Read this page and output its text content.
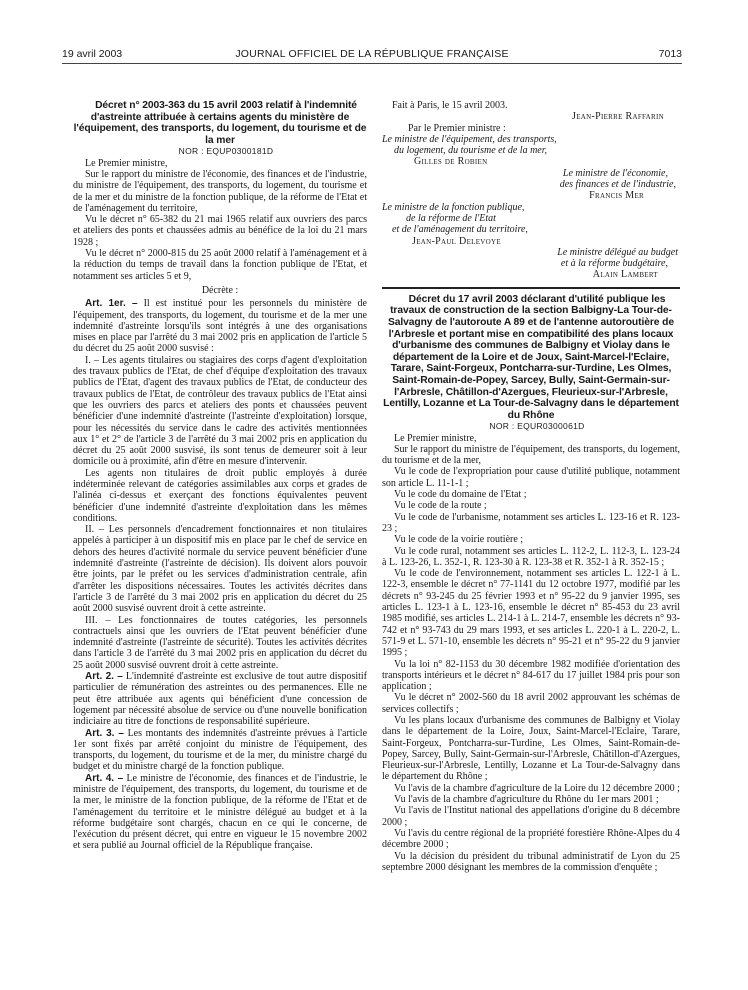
19 avril 2003	JOURNAL OFFICIEL DE LA RÉPUBLIQUE FRANÇAISE	7013

Décret n° 2003-363 du 15 avril 2003 relatif à l'indemnité d'astreinte attribuée à certains agents du ministère de l'équipement, des transports, du logement, du tourisme et de la mer

NOR : EQUP0300181D

Le Premier ministre,

Sur le rapport du ministre de l'économie, des finances et de l'industrie, du ministre de l'équipement, des transports, du logement, du tourisme et de la mer et du ministre de la fonction publique, de la réforme de l'Etat et de l'aménagement du territoire,

Vu le décret n° 65-382 du 21 mai 1965 relatif aux ouvriers des parcs et ateliers des ponts et chaussées admis au bénéfice de la loi du 21 mars 1928 ;

Vu le décret n° 2000-815 du 25 août 2000 relatif à l'aménagement et à la réduction du temps de travail dans la fonction publique de l'Etat, et notamment ses articles 5 et 9,

Décrète :

Art. 1er. – Il est institué pour les personnels du ministère de l'équipement, des transports, du logement, du tourisme et de la mer une indemnité d'astreinte lorsqu'ils sont intégrés à une des organisations mises en place par l'arrêté du 3 mai 2002 pris en application de l'article 5 du décret du 25 août 2000 susvisé :

I. – Les agents titulaires ou stagiaires des corps d'agent d'exploitation des travaux publics de l'Etat, de chef d'équipe d'exploitation des travaux publics de l'Etat, d'agent des travaux publics de l'Etat, de conducteur des travaux publics de l'Etat, de contrôleur des travaux publics de l'Etat ainsi que les ouvriers des parcs et ateliers des ponts et chaussées peuvent bénéficier d'une indemnité d'astreinte (l'astreinte d'exploitation) lorsque, pour les nécessités du service dans le cadre des activités mentionnées aux 1° et 2° de l'article 3 de l'arrêté du 3 mai 2002 pris en application du décret du 25 août 2000 susvisé, ils sont tenus de demeurer soit à leur domicile ou à proximité, afin d'être en mesure d'intervenir.

Les agents non titulaires de droit public employés à durée indéterminée relevant de catégories assimilables aux corps et grades de l'alinéa ci-dessus et exerçant des fonctions équivalentes peuvent bénéficier d'une indemnité d'astreinte d'exploitation dans les mêmes conditions.

II. – Les personnels d'encadrement fonctionnaires et non titulaires appelés à participer à un dispositif mis en place par le chef de service en dehors des heures d'activité normale du service peuvent bénéficier d'une indemnité d'astreinte (l'astreinte de décision). Ils doivent alors pouvoir être joints, par le préfet ou les services d'administration centrale, afin d'arrêter les dispositions nécessaires. Toutes les activités décrites dans l'article 3 de l'arrêté du 3 mai 2002 pris en application du décret du 25 août 2000 susvisé ouvrent droit à cette astreinte.

III. – Les fonctionnaires de toutes catégories, les personnels contractuels ainsi que les ouvriers de l'Etat peuvent bénéficier d'une indemnité d'astreinte (l'astreinte de sécurité). Toutes les activités décrites dans l'article 3 de l'arrêté du 3 mai 2002 pris en application du décret du 25 août 2000 susvisé ouvrent droit à cette astreinte.

Art. 2. – L'indemnité d'astreinte est exclusive de tout autre dispositif particulier de rémunération des astreintes ou des permanences. Elle ne peut être attribuée aux agents qui bénéficient d'une concession de logement par nécessité absolue de service ou d'une nouvelle bonification indiciaire au titre de fonctions de responsabilité supérieure.

Art. 3. – Les montants des indemnités d'astreinte prévues à l'article 1er sont fixés par arrêté conjoint du ministre de l'équipement, des transports, du logement, du tourisme et de la mer, du ministre chargé du budget et du ministre chargé de la fonction publique.

Art. 4. – Le ministre de l'économie, des finances et de l'industrie, le ministre de l'équipement, des transports, du logement, du tourisme et de la mer, le ministre de la fonction publique, de la réforme de l'Etat et de l'aménagement du territoire et le ministre délégué au budget et à la réforme budgétaire sont chargés, chacun en ce qui le concerne, de l'exécution du présent décret, qui entre en vigueur le 15 novembre 2002 et sera publié au Journal officiel de la République française.

Fait à Paris, le 15 avril 2003.

Jean-Pierre Raffarin

Par le Premier ministre :

Le ministre de l'équipement, des transports,

du logement, du tourisme et de la mer,

Gilles de Robien

Le ministre de l'économie,

des finances et de l'industrie,

Francis Mer

Le ministre de la fonction publique,

de la réforme de l'Etat

et de l'aménagement du territoire,

Jean-Paul Delevoye

Le ministre délégué au budget

et à la réforme budgétaire,

Alain Lambert

Décret du 17 avril 2003 déclarant d'utilité publique les travaux de construction de la section Balbigny-La Tour-de-Salvagny de l'autoroute A 89 et de l'antenne autoroutière de l'Arbresle et portant mise en compatibilité des plans locaux d'urbanisme des communes de Balbigny et Violay dans le département de la Loire et de Joux, Saint-Marcel-l'Eclaire, Tarare, Saint-Forgeux, Pontcharra-sur-Turdine, Les Olmes, Saint-Romain-de-Popey, Sarcey, Bully, Saint-Germain-sur-l'Arbresle, Châtillon-d'Azergues, Fleurieux-sur-l'Arbresle, Lentilly, Lozanne et La Tour-de-Salvagny dans le département du Rhône

NOR : EQUR0300061D

Le Premier ministre,

Sur le rapport du ministre de l'équipement, des transports, du logement, du tourisme et de la mer,

Vu le code de l'expropriation pour cause d'utilité publique, notamment son article L. 11-1-1 ;

Vu le code du domaine de l'Etat ;

Vu le code de la route ;

Vu le code de l'urbanisme, notamment ses articles L. 123-16 et R. 123-23 ;

Vu le code de la voirie routière ;

Vu le code rural, notamment ses articles L. 112-2, L. 112-3, L. 123-24 à L. 123-26, L. 352-1, R. 123-30 à R. 123-38 et R. 352-1 à R. 352-15 ;

Vu le code de l'environnement, notamment ses articles L. 122-1 à L. 122-3, ensemble le décret n° 77-1141 du 12 octobre 1977, modifié par les décrets n° 93-245 du 25 février 1993 et n° 95-22 du 9 janvier 1995, ses articles L. 123-1 à L. 123-16, ensemble le décret n° 85-453 du 23 avril 1985 modifié, ses articles L. 214-1 à L. 214-7, ensemble les décrets n° 93-742 et n° 93-743 du 29 mars 1993, et ses articles L. 220-1 à L. 220-2, L. 571-9 et L. 571-10, ensemble les décrets n° 95-21 et n° 95-22 du 9 janvier 1995 ;

Vu la loi n° 82-1153 du 30 décembre 1982 modifiée d'orientation des transports intérieurs et le décret n° 84-617 du 17 juillet 1984 pris pour son application ;

Vu le décret n° 2002-560 du 18 avril 2002 approuvant les schémas de services collectifs ;

Vu les plans locaux d'urbanisme des communes de Balbigny et Violay dans le département de la Loire, Joux, Saint-Marcel-l'Eclaire, Tarare, Saint-Forgeux, Pontcharra-sur-Turdine, Les Olmes, Saint-Romain-de-Popey, Sarcey, Bully, Saint-Germain-sur-l'Arbresle, Châtillon-d'Azergues, Fleurieux-sur-l'Arbresle, Lentilly, Lozanne et La Tour-de-Salvagny dans le département du Rhône ;

Vu l'avis de la chambre d'agriculture de la Loire du 12 décembre 2000 ;

Vu l'avis de la chambre d'agriculture du Rhône du 1er mars 2001 ;

Vu l'avis de l'Institut national des appellations d'origine du 8 décembre 2000 ;

Vu l'avis du centre régional de la propriété forestière Rhône-Alpes du 4 décembre 2000 ;

Vu la décision du président du tribunal administratif de Lyon du 25 septembre 2000 désignant les membres de la commission d'enquête ;
